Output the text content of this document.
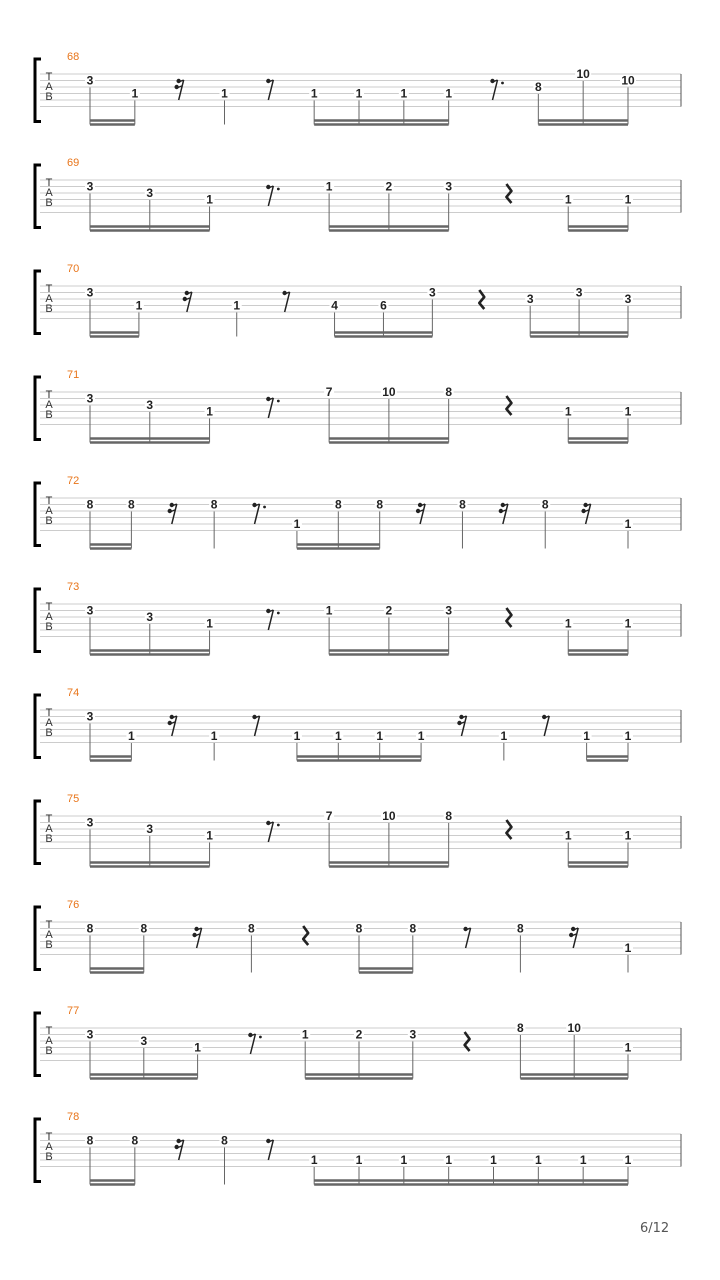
T
A
B
68
3
1	1	1	1	1	1	8
10	10
T
A
B
69
3	3	1
1	2	3
1	1
T
A
B
70
3
1	1	4	6
3	3	3	3
T
A
B
71
3	3	1
7	10	8
1	1
T
A
B
72
8	8	8
1
8	8	8	8
1
T
A
B
73
3	3	1
1	2	3
1	1
T
A
B
74
3
1	1	1	1	1	1	1	1	1
T
A
B
75
3	3	1
7	10	8
1	1
T
A
B
76
8	8	8	8	8	8
1
T
A
B
77
3	3	1
1	2	3	8	10
1
T
A
B
78
8	8	8
1	1	1	1	1	1	1	1
6/12
